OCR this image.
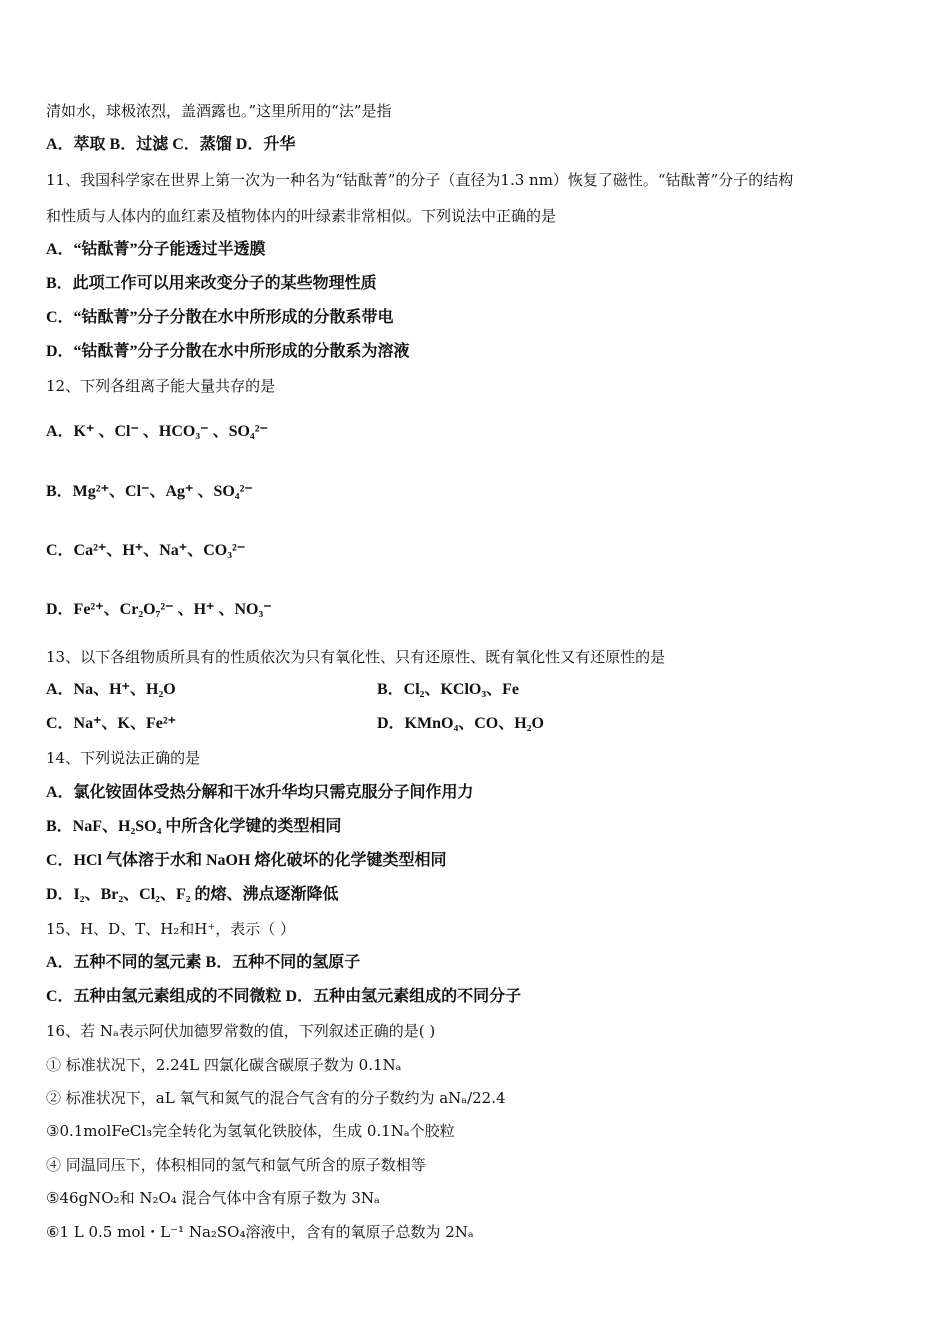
清如水，球极浓烈，盖酒露也。”这里所用的“法”是指
A．萃取 B．过滤 C．蒸馏 D．升华
11、我国科学家在世界上第一次为一种名为“钴酞菁”的分子（直径为1.3 nm）恢复了磁性。“钴酞菁”分子的结构
和性质与人体内的血红素及植物体内的叶绿素非常相似。下列说法中正确的是
A．“钴酞菁”分子能透过半透膜
B．此项工作可以用来改变分子的某些物理性质
C．“钴酞菁”分子分散在水中所形成的分散系带电
D．“钴酞菁”分子分散在水中所形成的分散系为溶液
12、下列各组离子能大量共存的是
A．K⁺ 、Cl⁻ 、HCO₃⁻ 、SO₄²⁻
B．Mg²⁺、Cl⁻、Ag⁺ 、SO₄²⁻
C．Ca²⁺、H⁺、Na⁺、CO₃²⁻
D．Fe²⁺、Cr₂O₇²⁻ 、H⁺ 、NO₃⁻
13、以下各组物质所具有的性质依次为只有氧化性、只有还原性、既有氧化性又有还原性的是
A．Na、H⁺、H₂O	B．Cl₂、KClO₃、Fe
C．Na⁺、K、Fe²⁺	D．KMnO₄、CO、H₂O
14、下列说法正确的是
A．氯化铵固体受热分解和干冰升华均只需克服分子间作用力
B．NaF、H₂SO₄ 中所含化学键的类型相同
C．HCl 气体溶于水和 NaOH 熔化破坏的化学键类型相同
D．I₂、Br₂、Cl₂、F₂ 的熔、沸点逐渐降低
15、H、D、T、H₂和H⁺，表示（ ）
A．五种不同的氢元素 B．五种不同的氢原子
C．五种由氢元素组成的不同微粒 D．五种由氢元素组成的不同分子
16、若 Nₐ表示阿伏加德罗常数的值，下列叙述正确的是( )
① 标准状况下，2.24L 四氯化碳含碳原子数为 0.1Nₐ
② 标准状况下，aL 氧气和氮气的混合气含有的分子数约为 aNₐ/22.4
③0.1molFeCl₃完全转化为氢氧化铁胶体，生成 0.1Nₐ个胶粒
④ 同温同压下，体积相同的氢气和氩气所含的原子数相等
⑤46gNO₂和 N₂O₄ 混合气体中含有原子数为 3Nₐ
⑥1 L 0.5 mol・L⁻¹ Na₂SO₄溶液中，含有的氧原子总数为 2Nₐ
